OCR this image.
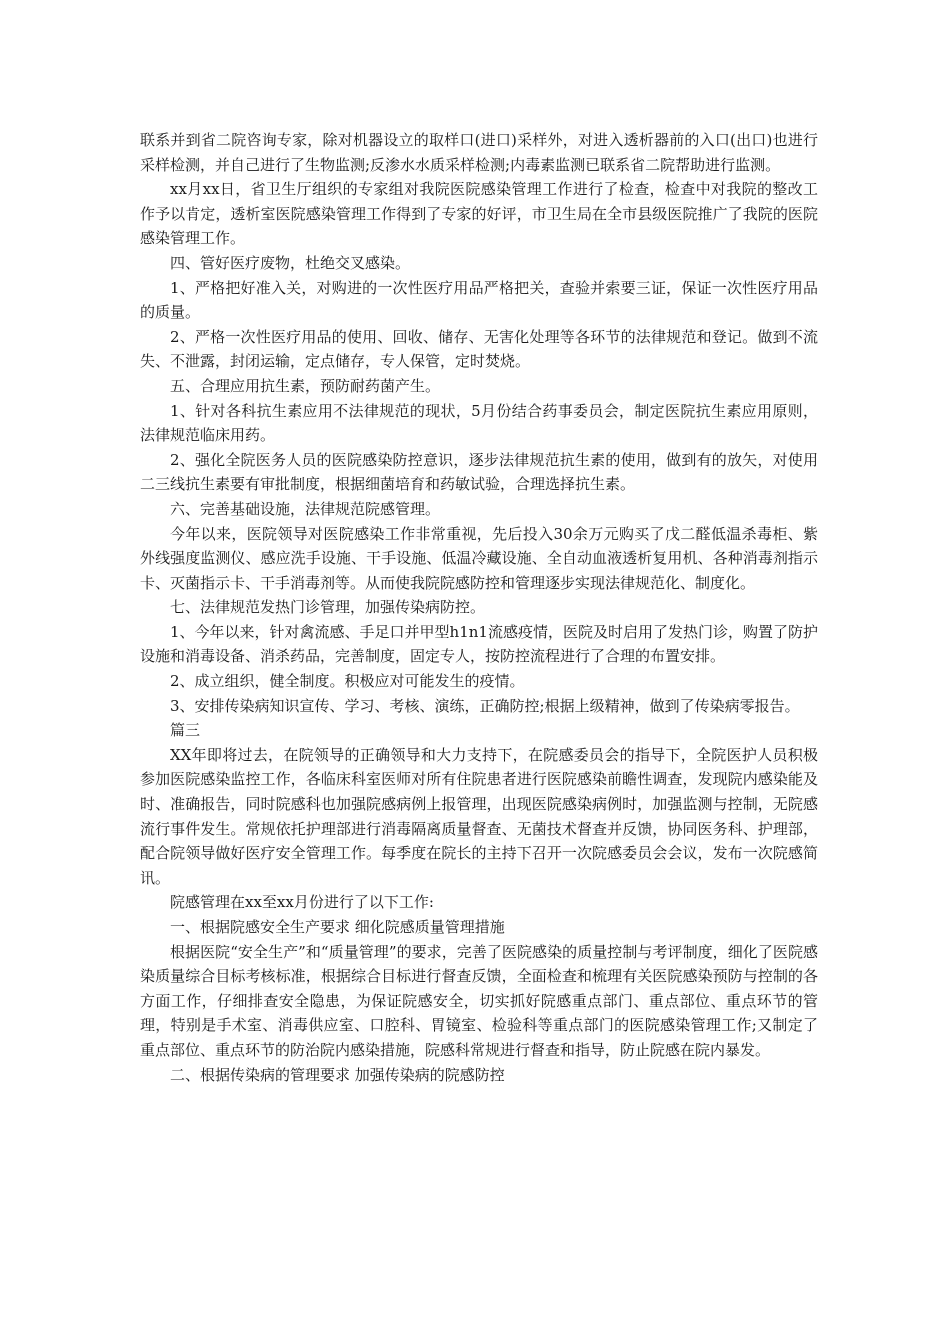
联系并到省二院咨询专家，除对机器设立的取样口(进口)采样外，对进入透析器前的入口(出口)也进行采样检测，并自己进行了生物监测;反渗水水质采样检测;内毒素监测已联系省二院帮助进行监测。

xx月xx日，省卫生厅组织的专家组对我院医院感染管理工作进行了检查，检查中对我院的整改工作予以肯定，透析室医院感染管理工作得到了专家的好评，市卫生局在全市县级医院推广了我院的医院感染管理工作。

四、管好医疗废物，杜绝交叉感染。

1、严格把好准入关，对购进的一次性医疗用品严格把关，查验并索要三证，保证一次性医疗用品的质量。

2、严格一次性医疗用品的使用、回收、储存、无害化处理等各环节的法律规范和登记。做到不流失、不泄露，封闭运输，定点储存，专人保管，定时焚烧。

五、合理应用抗生素，预防耐药菌产生。

1、针对各科抗生素应用不法律规范的现状，5月份结合药事委员会，制定医院抗生素应用原则，法律规范临床用药。

2、强化全院医务人员的医院感染防控意识，逐步法律规范抗生素的使用，做到有的放矢，对使用二三线抗生素要有审批制度，根据细菌培育和药敏试验，合理选择抗生素。

六、完善基础设施，法律规范院感管理。

今年以来，医院领导对医院感染工作非常重视，先后投入30余万元购买了戊二醛低温杀毒柜、紫外线强度监测仪、感应洗手设施、干手设施、低温冷藏设施、全自动血液透析复用机、各种消毒剂指示卡、灭菌指示卡、干手消毒剂等。从而使我院院感防控和管理逐步实现法律规范化、制度化。

七、法律规范发热门诊管理，加强传染病防控。

1、今年以来，针对禽流感、手足口并甲型h1n1流感疫情，医院及时启用了发热门诊，购置了防护设施和消毒设备、消杀药品，完善制度，固定专人，按防控流程进行了合理的布置安排。

2、成立组织，健全制度。积极应对可能发生的疫情。

3、安排传染病知识宣传、学习、考核、演练，正确防控;根据上级精神，做到了传染病零报告。

篇三

XX年即将过去，在院领导的正确领导和大力支持下，在院感委员会的指导下，全院医护人员积极参加医院感染监控工作，各临床科室医师对所有住院患者进行医院感染前瞻性调查，发现院内感染能及时、准确报告，同时院感科也加强院感病例上报管理，出现医院感染病例时，加强监测与控制，无院感流行事件发生。常规依托护理部进行消毒隔离质量督查、无菌技术督查并反馈，协同医务科、护理部，配合院领导做好医疗安全管理工作。每季度在院长的主持下召开一次院感委员会会议，发布一次院感简讯。

院感管理在xx至xx月份进行了以下工作:

一、根据院感安全生产要求 细化院感质量管理措施

根据医院“安全生产”和“质量管理”的要求，完善了医院感染的质量控制与考评制度，细化了医院感染质量综合目标考核标准，根据综合目标进行督查反馈，全面检查和梳理有关医院感染预防与控制的各方面工作，仔细排查安全隐患，为保证院感安全，切实抓好院感重点部门、重点部位、重点环节的管理，特别是手术室、消毒供应室、口腔科、胃镜室、检验科等重点部门的医院感染管理工作;又制定了重点部位、重点环节的防治院内感染措施，院感科常规进行督查和指导，防止院感在院内暴发。

二、根据传染病的管理要求 加强传染病的院感防控
